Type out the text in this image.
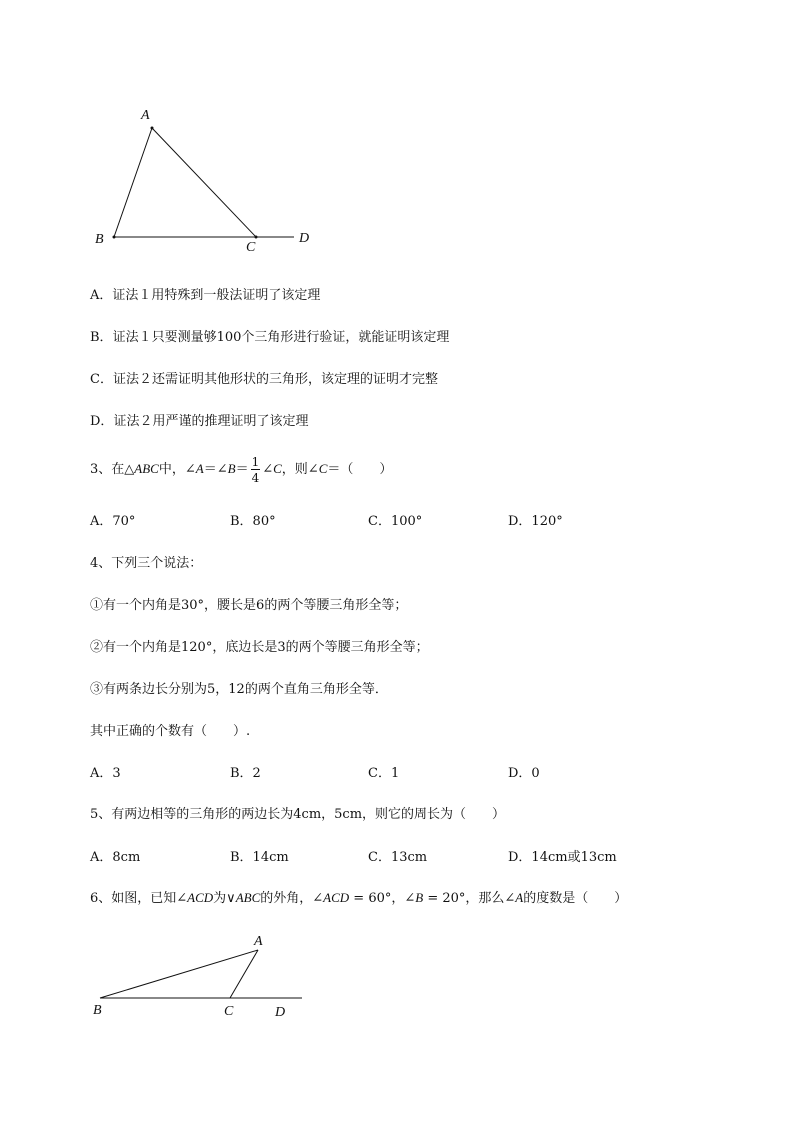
A
B
C
D
A．证法１用特殊到一般法证明了该定理
B．证法１只要测量够100个三角形进行验证，就能证明该定理
C．证法２还需证明其他形状的三角形，该定理的证明才完整
D．证法２用严谨的推理证明了该定理
3、在△ABC中，∠A＝∠B＝ $\frac{1}{4}$ ∠C，则∠C＝（　　）
A．70°	B．80°	C．100°	D．120°
4、下列三个说法：
①有一个内角是30°，腰长是6的两个等腰三角形全等；
②有一个内角是120°，底边长是3的两个等腰三角形全等；
③有两条边长分别为5，12的两个直角三角形全等．
其中正确的个数有（　　）.
A．3	B．2	C．1	D．0
5、有两边相等的三角形的两边长为4cm，5cm，则它的周长为（　　）
A．8cm	B．14cm	C．13cm	D．14cm或13cm
6、如图，已知∠ACD为∨ABC的外角，∠ACD = 60°，∠B = 20°，那么∠A的度数是（　　）
A
B	C	D
